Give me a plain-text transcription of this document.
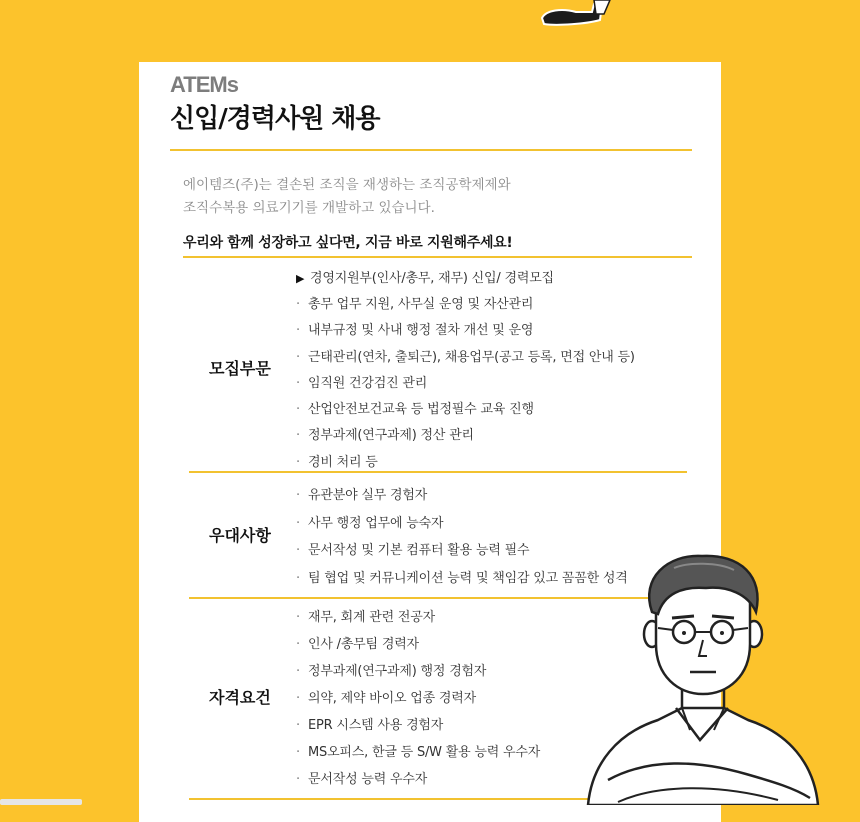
ATEMs
신입/경력사원 채용
에이템즈(주)는 결손된 조직을 재생하는 조직공학제제와
조직수복용 의료기기를 개발하고 있습니다.
우리와 함께 성장하고 싶다면, 지금 바로 지원해주세요!
모집부문
▶ 경영지원부(인사/총무, 재무) 신입/ 경력모집
· 총무 업무 지원, 사무실 운영 및 자산관리
· 내부규정 및 사내 행정 절차 개선 및 운영
· 근태관리(연차, 출퇴근), 채용업무(공고 등록, 면접 안내 등)
· 임직원 건강검진 관리
· 산업안전보건교육 등 법정필수 교육 진행
· 정부과제(연구과제) 정산 관리
· 경비 처리 등
우대사항
· 유관분야 실무 경험자
· 사무 행정 업무에 능숙자
· 문서작성 및 기본 컴퓨터 활용 능력 필수
· 팀 협업 및 커뮤니케이션 능력 및 책임감 있고 꼼꼼한 성격
자격요건
· 재무, 회계 관련 전공자
· 인사 /총무팀 경력자
· 정부과제(연구과제) 행정 경험자
· 의약, 제약 바이오 업종 경력자
· EPR 시스템 사용 경험자
· MS오피스, 한글 등 S/W 활용 능력 우수자
· 문서작성 능력 우수자
